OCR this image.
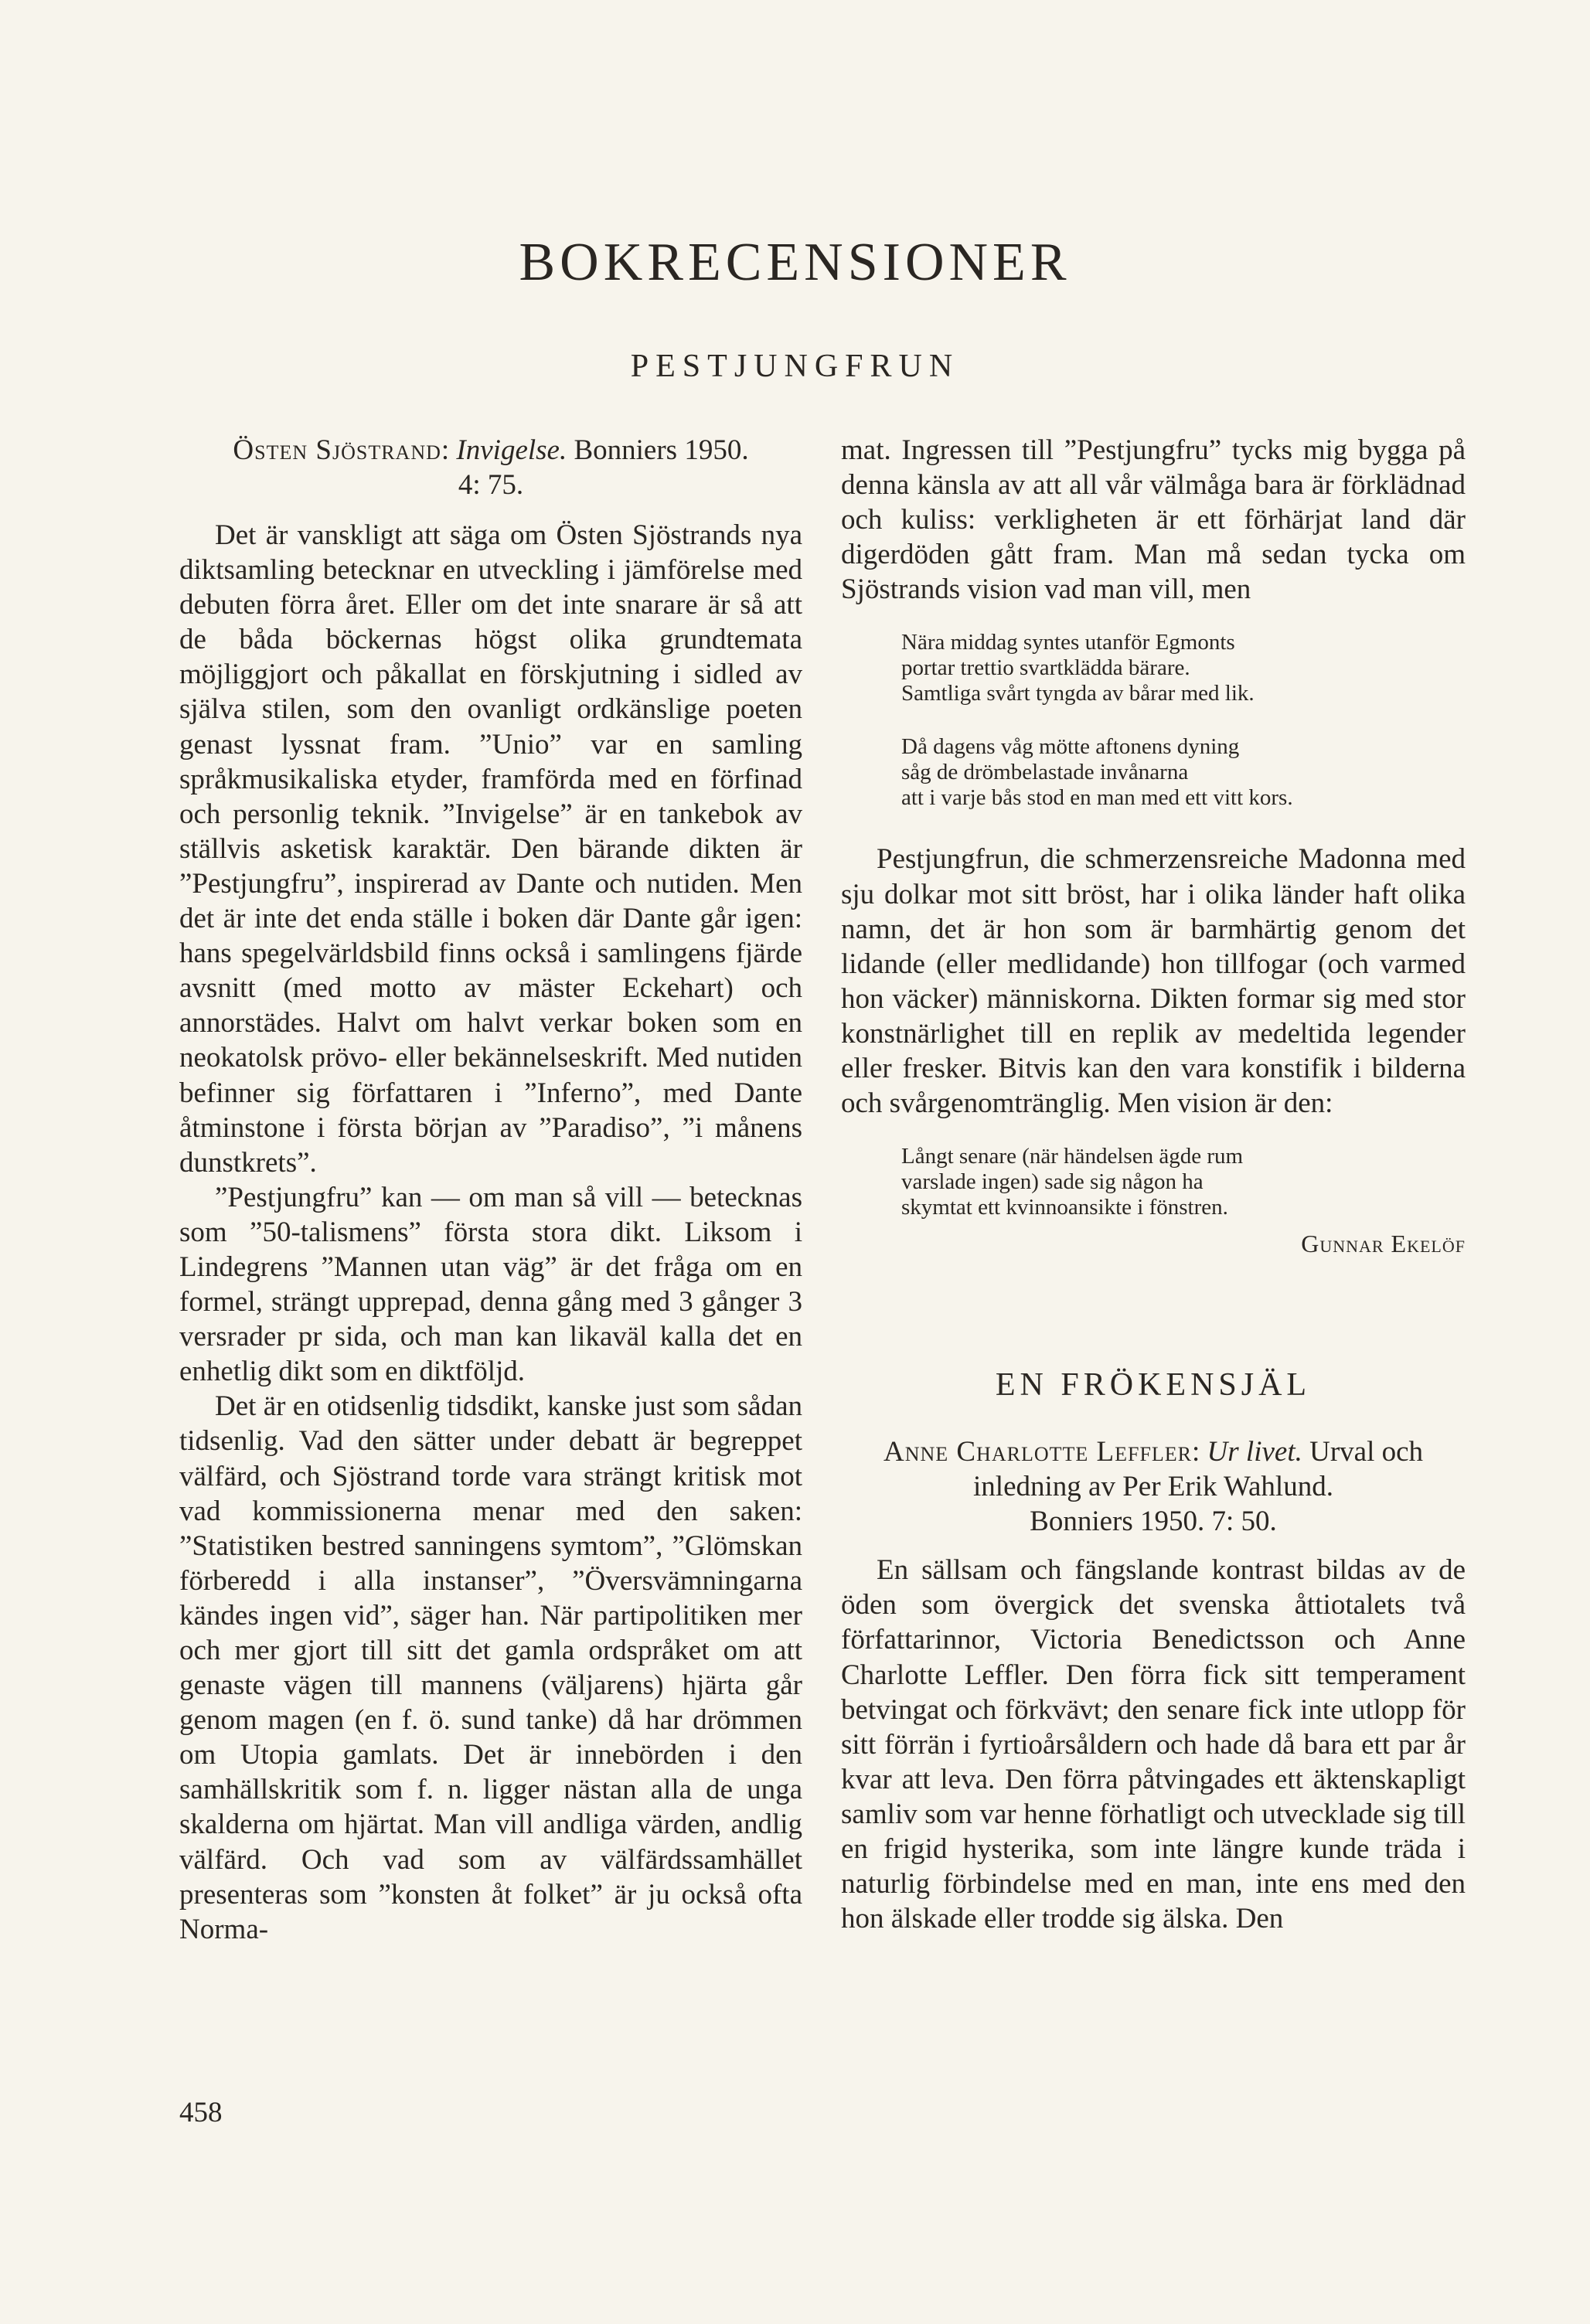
BOKRECENSIONER
PESTJUNGFRUN
Östen Sjöstrand: Invigelse. Bonniers 1950.
4: 75.

Det är vanskligt att säga om Östen Sjöstrands nya diktsamling betecknar en utveckling i jämförelse med debuten förra året. Eller om det inte snarare är så att de båda böckernas högst olika grundtemata möjliggjort och påkallat en förskjutning i sidled av själva stilen, som den ovanligt ordkänslige poeten genast lyssnat fram. ”Unio” var en samling språkmusikaliska etyder, framförda med en förfinad och personlig teknik. ”Invigelse” är en tankebok av ställvis asketisk karaktär. Den bärande dikten är ”Pestjungfru”, inspirerad av Dante och nutiden. Men det är inte det enda ställe i boken där Dante går igen: hans spegelvärldsbild finns också i samlingens fjärde avsnitt (med motto av mäster Eckehart) och annorstädes. Halvt om halvt verkar boken som en neokatolsk prövo- eller bekännelseskrift. Med nutiden befinner sig författaren i ”Inferno”, med Dante åtminstone i första början av ”Paradiso”, ”i månens dunstkrets”.

”Pestjungfru” kan — om man så vill — betecknas som ”50-talismens” första stora dikt. Liksom i Lindegrens ”Mannen utan väg” är det fråga om en formel, strängt upprepad, denna gång med 3 gånger 3 versrader pr sida, och man kan likaväl kalla det en enhetlig dikt som en diktföljd.

Det är en otidsenlig tidsdikt, kanske just som sådan tidsenlig. Vad den sätter under debatt är begreppet välfärd, och Sjöstrand torde vara strängt kritisk mot vad kommissionerna menar med den saken: ”Statistiken bestred sanningens symtom”, ”Glömskan förberedd i alla instanser”, ”Översvämningarna kändes ingen vid”, säger han. När partipolitiken mer och mer gjort till sitt det gamla ordspråket om att genaste vägen till mannens (väljarens) hjärta går genom magen (en f. ö. sund tanke) då har drömmen om Utopia gamlats. Det är innebörden i den samhällskritik som f. n. ligger nästan alla de unga skalderna om hjärtat. Man vill andliga värden, andlig välfärd. Och vad som av välfärdssamhället presenteras som ”konsten åt folket” är ju också ofta Norma-

mat. Ingressen till ”Pestjungfru” tycks mig bygga på denna känsla av att all vår välmåga bara är förklädnad och kuliss: verkligheten är ett förhärjat land där digerdöden gått fram. Man må sedan tycka om Sjöstrands vision vad man vill, men

Nära middag syntes utanför Egmonts

portar trettio svartklädda bärare.

Samtliga svårt tyngda av bårar med lik.

Då dagens våg mötte aftonens dyning

såg de drömbelastade invånarna

att i varje bås stod en man med ett vitt kors.

Pestjungfrun, die schmerzensreiche Madonna med sju dolkar mot sitt bröst, har i olika länder haft olika namn, det är hon som är barmhärtig genom det lidande (eller medlidande) hon tillfogar (och varmed hon väcker) människorna. Dikten formar sig med stor konstnärlighet till en replik av medeltida legender eller fresker. Bitvis kan den vara konstifik i bilderna och svårgenomtränglig. Men vision är den:

Långt senare (när händelsen ägde rum

varslade ingen) sade sig någon ha

skymtat ett kvinnoansikte i fönstren.

Gunnar Ekelöf
EN FRÖKENSJÄL
Anne Charlotte Leffler: Ur livet. Urval och inledning av Per Erik Wahlund.
Bonniers 1950. 7: 50.

En sällsam och fängslande kontrast bildas av de öden som övergick det svenska åttiotalets två författarinnor, Victoria Benedictsson och Anne Charlotte Leffler. Den förra fick sitt temperament betvingat och förkvävt; den senare fick inte utlopp för sitt förrän i fyrtioårsåldern och hade då bara ett par år kvar att leva. Den förra påtvingades ett äktenskapligt samliv som var henne förhatligt och utvecklade sig till en frigid hysterika, som inte längre kunde träda i naturlig förbindelse med en man, inte ens med den hon älskade eller trodde sig älska. Den

458
